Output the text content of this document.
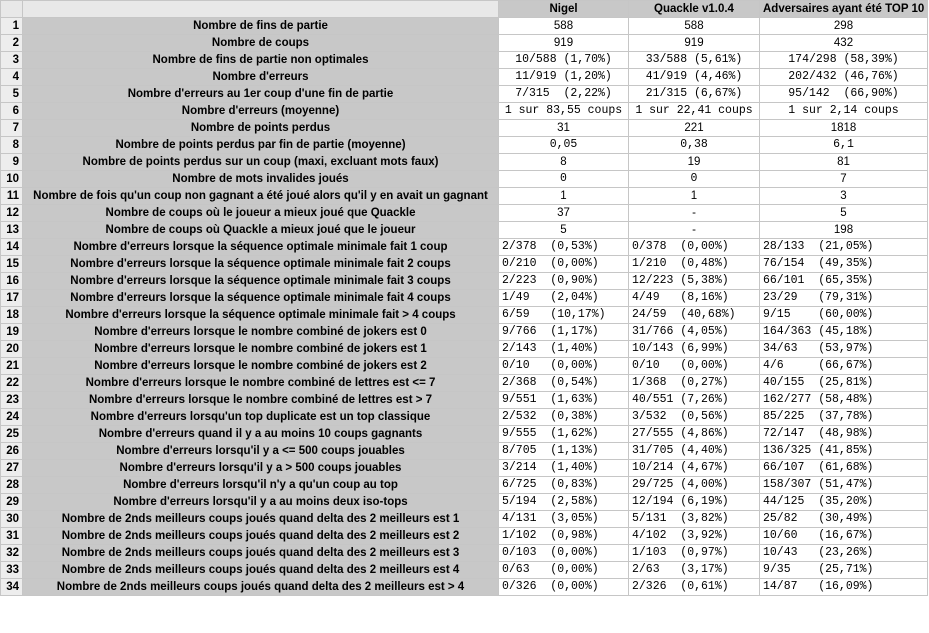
		Nigel	Quackle v1.0.4	Adversaires ayant été TOP 10
1	Nombre de fins de partie	588	588	298
2	Nombre de coups	919	919	432
3	Nombre de fins de partie non optimales	10/588 (1,70%)	33/588 (5,61%)	174/298 (58,39%)
4	Nombre d'erreurs	11/919 (1,20%)	41/919 (4,46%)	202/432 (46,76%)
5	Nombre d'erreurs au 1er coup d'une fin de partie	7/315  (2,22%)	21/315 (6,67%)	95/142  (66,90%)
6	Nombre d'erreurs (moyenne)	1 sur 83,55 coups	1 sur 22,41 coups	1 sur 2,14 coups
7	Nombre de points perdus	31	221	1818
8	Nombre de points perdus par fin de partie (moyenne)	0,05	0,38	6,1
9	Nombre de points perdus sur un coup (maxi, excluant mots faux)	8	19	81
10	Nombre de mots invalides joués	0	0	7
11	Nombre de fois qu'un coup non gagnant a été joué alors qu'il y en avait un gagnant	1	1	3
12	Nombre de coups où le joueur a mieux joué que Quackle	37	-	5
13	Nombre de coups où Quackle a mieux joué que le joueur	5	-	198
14	Nombre d'erreurs lorsque la séquence optimale minimale fait 1 coup	2/378  (0,53%)	0/378  (0,00%)	28/133  (21,05%)
15	Nombre d'erreurs lorsque la séquence optimale minimale fait 2 coups	0/210  (0,00%)	1/210  (0,48%)	76/154  (49,35%)
16	Nombre d'erreurs lorsque la séquence optimale minimale fait 3 coups	2/223  (0,90%)	12/223 (5,38%)	66/101  (65,35%)
17	Nombre d'erreurs lorsque la séquence optimale minimale fait 4 coups	1/49   (2,04%)	4/49   (8,16%)	23/29   (79,31%)
18	Nombre d'erreurs lorsque la séquence optimale minimale fait > 4 coups	6/59   (10,17%)	24/59  (40,68%)	9/15    (60,00%)
19	Nombre d'erreurs lorsque le nombre combiné de jokers est 0	9/766  (1,17%)	31/766 (4,05%)	164/363 (45,18%)
20	Nombre d'erreurs lorsque le nombre combiné de jokers est 1	2/143  (1,40%)	10/143 (6,99%)	34/63   (53,97%)
21	Nombre d'erreurs lorsque le nombre combiné de jokers est 2	0/10   (0,00%)	0/10   (0,00%)	4/6     (66,67%)
22	Nombre d'erreurs lorsque le nombre combiné de lettres est <= 7	2/368  (0,54%)	1/368  (0,27%)	40/155  (25,81%)
23	Nombre d'erreurs lorsque le nombre combiné de lettres est > 7	9/551  (1,63%)	40/551 (7,26%)	162/277 (58,48%)
24	Nombre d'erreurs lorsqu'un top duplicate est un top classique	2/532  (0,38%)	3/532  (0,56%)	85/225  (37,78%)
25	Nombre d'erreurs quand il y a au moins 10 coups gagnants	9/555  (1,62%)	27/555 (4,86%)	72/147  (48,98%)
26	Nombre d'erreurs lorsqu'il y a <= 500 coups jouables	8/705  (1,13%)	31/705 (4,40%)	136/325 (41,85%)
27	Nombre d'erreurs lorsqu'il y a > 500 coups jouables	3/214  (1,40%)	10/214 (4,67%)	66/107  (61,68%)
28	Nombre d'erreurs lorsqu'il n'y a qu'un coup au top	6/725  (0,83%)	29/725 (4,00%)	158/307 (51,47%)
29	Nombre d'erreurs lorsqu'il y a au moins deux iso-tops	5/194  (2,58%)	12/194 (6,19%)	44/125  (35,20%)
30	Nombre de 2nds meilleurs coups joués quand delta des 2 meilleurs est 1	4/131  (3,05%)	5/131  (3,82%)	25/82   (30,49%)
31	Nombre de 2nds meilleurs coups joués quand delta des 2 meilleurs est 2	1/102  (0,98%)	4/102  (3,92%)	10/60   (16,67%)
32	Nombre de 2nds meilleurs coups joués quand delta des 2 meilleurs est 3	0/103  (0,00%)	1/103  (0,97%)	10/43   (23,26%)
33	Nombre de 2nds meilleurs coups joués quand delta des 2 meilleurs est 4	0/63   (0,00%)	2/63   (3,17%)	9/35    (25,71%)
34	Nombre de 2nds meilleurs coups joués quand delta des 2 meilleurs est > 4	0/326  (0,00%)	2/326  (0,61%)	14/87   (16,09%)
